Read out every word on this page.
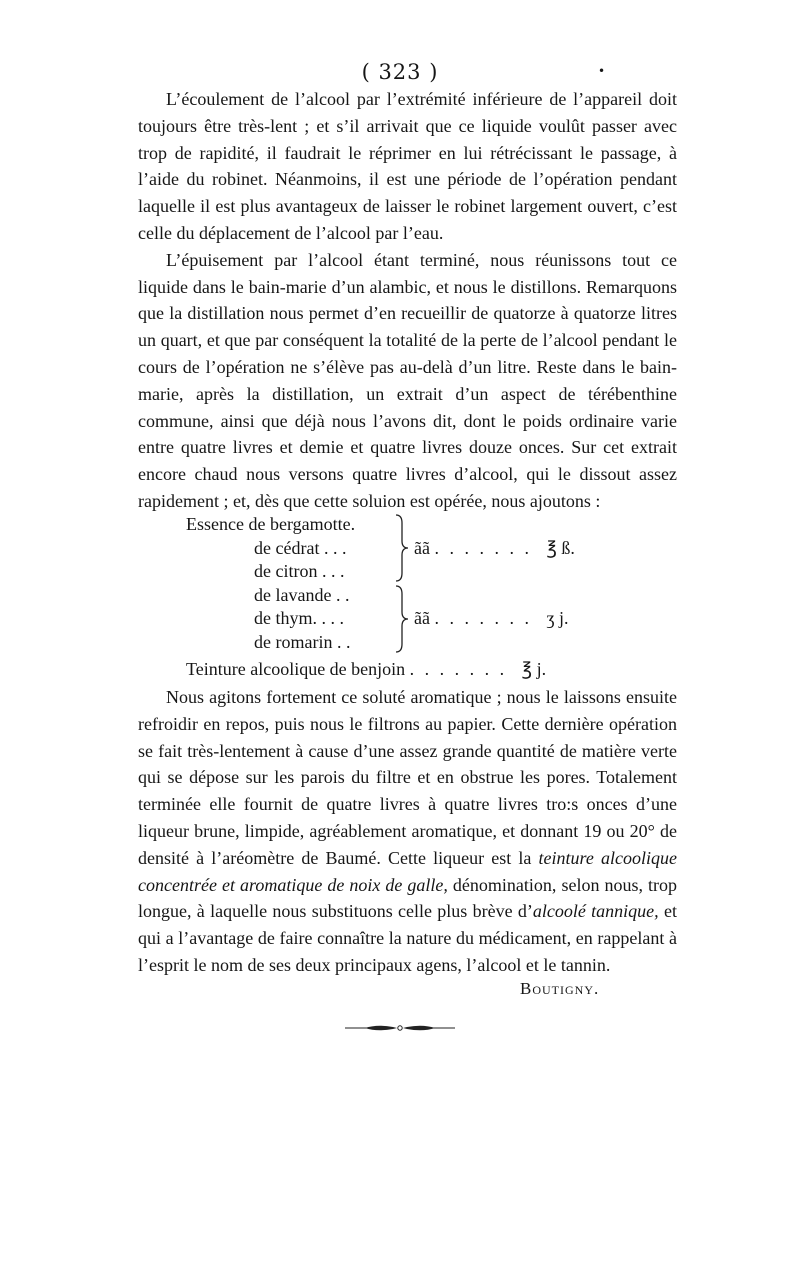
( 323 )	•

L’écoulement de l’alcool par l’extrémité inférieure de l’appareil doit toujours être très-lent ; et s’il arrivait que ce liquide voulût passer avec trop de rapidité, il faudrait le réprimer en lui rétrécissant le passage, à l’aide du robinet. Néanmoins, il est une période de l’opération pendant laquelle il est plus avantageux de laisser le robinet largement ouvert, c’est celle du déplacement de l’alcool par l’eau.

L’épuisement par l’alcool étant terminé, nous réunissons tout ce liquide dans le bain-marie d’un alambic, et nous le distillons. Remarquons que la distillation nous permet d’en recueillir de quatorze à quatorze litres un quart, et que par conséquent la totalité de la perte de l’alcool pendant le cours de l’opération ne s’élève pas au-delà d’un litre. Reste dans le bain-marie, après la distillation, un extrait d’un aspect de térébenthine commune, ainsi que déjà nous l’avons dit, dont le poids ordinaire varie entre quatre livres et demie et quatre livres douze onces. Sur cet extrait encore chaud nous versons quatre livres d’alcool, qui le dissout assez rapidement ; et, dès que cette soluion est opérée, nous ajoutons :

Essence de bergamotte.
de cédrat . . .
de citron . . .
ãã . . . . . . . ℥ ß.
de lavande . .
de thym. . . .
de romarin . .
ãã . . . . . . . ʒ j.
Teinture alcoolique de benjoin . . . . . . . ℥ j.

Nous agitons fortement ce soluté aromatique ; nous le laissons ensuite refroidir en repos, puis nous le filtrons au papier. Cette dernière opération se fait très-lentement à cause d’une assez grande quantité de matière verte qui se dépose sur les parois du filtre et en obstrue les pores. Totalement terminée elle fournit de quatre livres à quatre livres tro:s onces d’une liqueur brune, limpide, agréablement aromatique, et donnant 19 ou 20° de densité à l’aréomètre de Baumé. Cette liqueur est la teinture alcoolique concentrée et aromatique de noix de galle, dénomination, selon nous, trop longue, à laquelle nous substituons celle plus brève d’alcoolé tannique, et qui a l’avantage de faire connaître la nature du médicament, en rappelant à l’esprit le nom de ses deux principaux agens, l’alcool et le tannin.

Boutigny.
